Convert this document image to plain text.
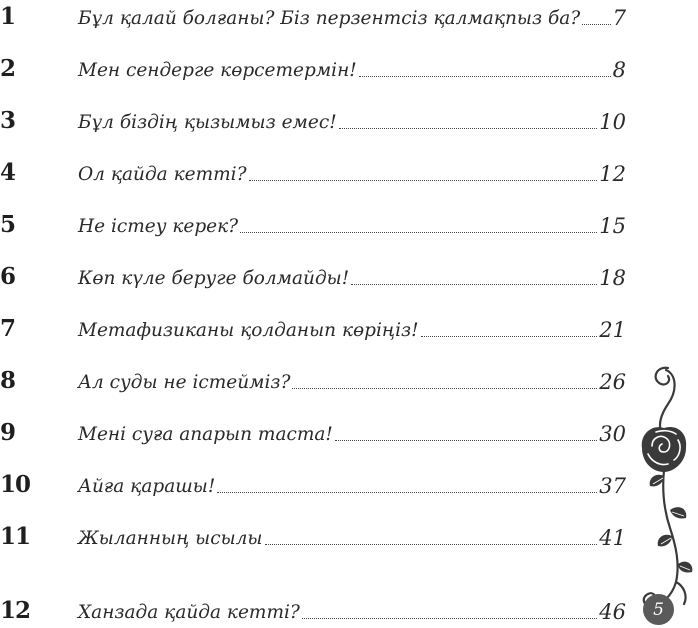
1	Бұл қалай болғаны? Біз перзентсіз қалмақпыз ба? 7
2	Мен сендерге көрсетермін!	8
3	Бұл біздің қызымыз емес!	10
4	Ол қайда кетті?	12
5	Не істеу керек?	15
6	Көп күле беруге болмайды!	18
7	Метафизиканы қолданып көріңіз!	21
8	Ал суды не істейміз?	26
9	Мені суға апарып таста!	30
10	Айға қарашы!	37
11	Жыланның ысылы	41
12	Ханзада қайда кетті?	46	5
